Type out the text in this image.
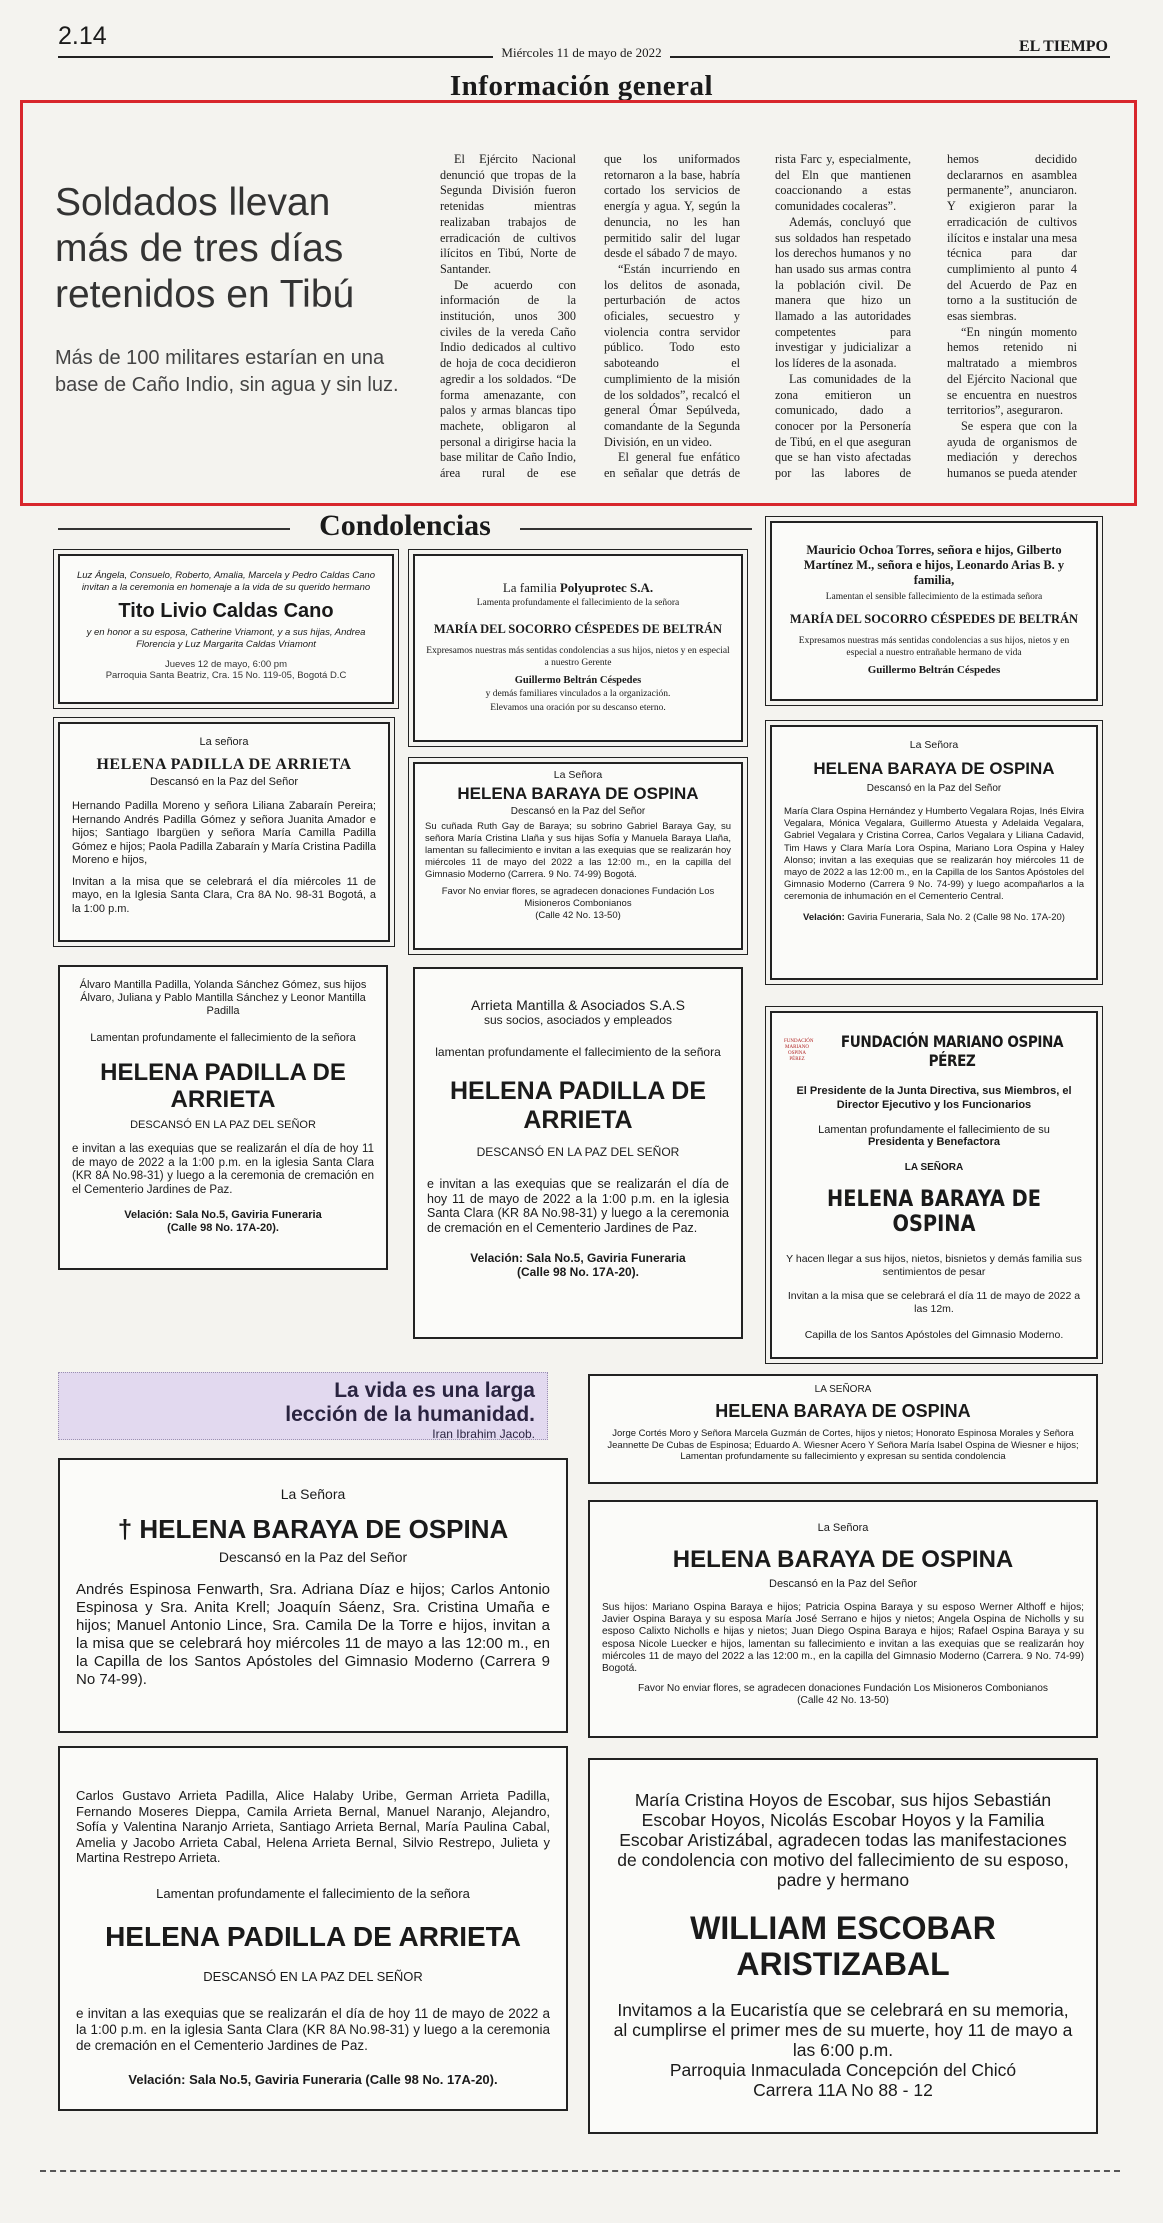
2.14
Miércoles 11 de mayo de 2022	EL TIEMPO
Información general
Soldados llevan más de tres días retenidos en Tibú
Más de 100 militares estarían en una base de Caño Indio, sin agua y sin luz.

El Ejército Nacional denunció que tropas de la Segunda División fueron retenidas mientras realizaban trabajos de erradicación de cultivos ilícitos en Tibú, Norte de Santander.

De acuerdo con información de la institución, unos 300 civiles de la vereda Caño Indio dedicados al cultivo de hoja de coca decidieron agredir a los soldados. “De forma amenazante, con palos y armas blancas tipo machete, obligaron al personal a dirigirse hacia la base militar de Caño Indio, área rural de ese

que los uniformados retornaron a la base, habría cortado los servicios de energía y agua. Y, según la denuncia, no les han permitido salir del lugar desde el sábado 7 de mayo.

“Están incurriendo en los delitos de asonada, perturbación de actos oficiales, secuestro y violencia contra servidor público. Todo esto saboteando el cumplimiento de la misión de los soldados”, recalcó el general Ómar Sepúlveda, comandante de la Segunda División, en un video.

El general fue enfático en señalar que detrás de

rista Farc y, especialmente, del Eln que mantienen coaccionando a estas comunidades cocaleras”.

Además, concluyó que sus soldados han respetado los derechos humanos y no han usado sus armas contra la población civil. De manera que hizo un llamado a las autoridades competentes para investigar y judicializar a los líderes de la asonada.

Las comunidades de la zona emitieron un comunicado, dado a conocer por la Personería de Tibú, en el que aseguran que se han visto afectadas por las labores de

hemos decidido declararnos en asamblea permanente”, anunciaron. Y exigieron parar la erradicación de cultivos ilícitos e instalar una mesa técnica para dar cumplimiento al punto 4 del Acuerdo de Paz en torno a la sustitución de esas siembras.

“En ningún momento hemos retenido ni maltratado a miembros del Ejército Nacional que se encuentra en nuestros territorios”, aseguraron.

Se espera que con la ayuda de organismos de mediación y derechos humanos se pueda atender

Condolencias
Luz Ángela, Consuelo, Roberto, Amalia, Marcela y Pedro Caldas Cano invitan a la ceremonia en homenaje a la vida de su querido hermano
Tito Livio Caldas Cano
y en honor a su esposa, Catherine Vriamont, y a sus hijas, Andrea Florencia y Luz Margarita Caldas Vriamont
Jueves 12 de mayo, 6:00 pm
Parroquia Santa Beatriz, Cra. 15 No. 119-05, Bogotá D.C
La familia Polyuprotec S.A.
Lamenta profundamente el fallecimiento de la señora
MARÍA DEL SOCORRO CÉSPEDES DE BELTRÁN
Expresamos nuestras más sentidas condolencias a sus hijos, nietos y en especial a nuestro Gerente
Guillermo Beltrán Céspedes
y demás familiares vinculados a la organización.
Elevamos una oración por su descanso eterno.
Mauricio Ochoa Torres, señora e hijos, Gilberto Martínez M., señora e hijos, Leonardo Arias B. y familia,
Lamentan el sensible fallecimiento de la estimada señora
MARÍA DEL SOCORRO CÉSPEDES DE BELTRÁN
Expresamos nuestras más sentidas condolencias a sus hijos, nietos y en especial a nuestro entrañable hermano de vida
Guillermo Beltrán Céspedes
La señora
HELENA PADILLA DE ARRIETA
Descansó en la Paz del Señor
Hernando Padilla Moreno y señora Liliana Zabaraín Pereira; Hernando Andrés Padilla Gómez y señora Juanita Amador e hijos; Santiago Ibargüen y señora María Camilla Padilla Gómez e hijos; Paola Padilla Zabaraín y María Cristina Padilla Moreno e hijos,
Invitan a la misa que se celebrará el día miércoles 11 de mayo, en la Iglesia Santa Clara, Cra 8A No. 98-31 Bogotá, a la 1:00 p.m.
La Señora
HELENA BARAYA DE OSPINA
Descansó en la Paz del Señor
Su cuñada Ruth Gay de Baraya; su sobrino Gabriel Baraya Gay, su señora María Cristina Llaña y sus hijas Sofía y Manuela Baraya Llaña, lamentan su fallecimiento e invitan a las exequias que se realizarán hoy miércoles 11 de mayo del 2022 a las 12:00 m., en la capilla del Gimnasio Moderno (Carrera. 9 No. 74-99) Bogotá.
Favor No enviar flores, se agradecen donaciones Fundación Los Misioneros Combonianos
(Calle 42 No. 13-50)
La Señora
HELENA BARAYA DE OSPINA
Descansó en la Paz del Señor
María Clara Ospina Hernández y Humberto Vegalara Rojas, Inés Elvira Vegalara, Mónica Vegalara, Guillermo Atuesta y Adelaida Vegalara, Gabriel Vegalara y Cristina Correa, Carlos Vegalara y Liliana Cadavid, Tim Haws y Clara María Lora Ospina, Mariano Lora Ospina y Haley Alonso; invitan a las exequias que se realizarán hoy miércoles 11 de mayo de 2022 a las 12:00 m., en la Capilla de los Santos Apóstoles del Gimnasio Moderno (Carrera 9 No. 74-99) y luego acompañarlos a la ceremonia de inhumación en el Cementerio Central.
Velación: Gaviria Funeraria, Sala No. 2 (Calle 98 No. 17A-20)
Álvaro Mantilla Padilla, Yolanda Sánchez Gómez, sus hijos Álvaro, Juliana y Pablo Mantilla Sánchez y Leonor Mantilla Padilla
Lamentan profundamente el fallecimiento de la señora
HELENA PADILLA DE ARRIETA
DESCANSÓ EN LA PAZ DEL SEÑOR
e invitan a las exequias que se realizarán el día de hoy 11 de mayo de 2022 a la 1:00 p.m. en la iglesia Santa Clara (KR 8A No.98-31) y luego a la ceremonia de cremación en el Cementerio Jardines de Paz.
Velación: Sala No.5, Gaviria Funeraria (Calle 98 No. 17A-20).
Arrieta Mantilla & Asociados S.A.S
sus socios, asociados y empleados
lamentan profundamente el fallecimiento de la señora
HELENA PADILLA DE ARRIETA
DESCANSÓ EN LA PAZ DEL SEÑOR
e invitan a las exequias que se realizarán el día de hoy 11 de mayo de 2022 a la 1:00 p.m. en la iglesia Santa Clara (KR 8A No.98-31) y luego a la ceremonia de cremación en el Cementerio Jardines de Paz.
Velación: Sala No.5, Gaviria Funeraria (Calle 98 No. 17A-20).
FUNDACIÓN MARIANO OSPINA PÉREZ
FUNDACIÓN MARIANO OSPINA PÉREZ
El Presidente de la Junta Directiva, sus Miembros, el Director Ejecutivo y los Funcionarios
Lamentan profundamente el fallecimiento de su
Presidenta y Benefactora
LA SEÑORA
HELENA BARAYA DE OSPINA
Y hacen llegar a sus hijos, nietos, bisnietos y demás familia sus sentimientos de pesar
Invitan a la misa que se celebrará el día 11 de mayo de 2022 a las 12m.
Capilla de los Santos Apóstoles del Gimnasio Moderno.
La vida es una larga
lección de la humanidad.
Iran Ibrahim Jacob.
LA SEÑORA
HELENA BARAYA DE OSPINA
Jorge Cortés Moro y Señora Marcela Guzmán de Cortes, hijos y nietos; Honorato Espinosa Morales y Señora Jeannette De Cubas de Espinosa; Eduardo A. Wiesner Acero Y Señora María Isabel Ospina de Wiesner e hijos; Lamentan profundamente su fallecimiento y expresan su sentida condolencia
La Señora
† HELENA BARAYA DE OSPINA
Descansó en la Paz del Señor
Andrés Espinosa Fenwarth, Sra. Adriana Díaz e hijos; Carlos Antonio Espinosa y Sra. Anita Krell; Joaquín Sáenz, Sra. Cristina Umaña e hijos; Manuel Antonio Lince, Sra. Camila De la Torre e hijos, invitan a la misa que se celebrará hoy miércoles 11 de mayo a las 12:00 m., en la Capilla de los Santos Apóstoles del Gimnasio Moderno (Carrera 9 No 74-99).
La Señora
HELENA BARAYA DE OSPINA
Descansó en la Paz del Señor
Sus hijos: Mariano Ospina Baraya e hijos; Patricia Ospina Baraya y su esposo Werner Althoff e hijos; Javier Ospina Baraya y su esposa María José Serrano e hijos y nietos; Angela Ospina de Nicholls y su esposo Calixto Nicholls e hijas y nietos; Juan Diego Ospina Baraya e hijos; Rafael Ospina Baraya y su esposa Nicole Luecker e hijos, lamentan su fallecimiento e invitan a las exequias que se realizarán hoy miércoles 11 de mayo del 2022 a las 12:00 m., en la capilla del Gimnasio Moderno (Carrera. 9 No. 74-99) Bogotá.
Favor No enviar flores, se agradecen donaciones Fundación Los Misioneros Combonianos
(Calle 42 No. 13-50)
Carlos Gustavo Arrieta Padilla, Alice Halaby Uribe, German Arrieta Padilla, Fernando Moseres Dieppa, Camila Arrieta Bernal, Manuel Naranjo, Alejandro, Sofía y Valentina Naranjo Arrieta, Santiago Arrieta Bernal, María Paulina Cabal, Amelia y Jacobo Arrieta Cabal, Helena Arrieta Bernal, Silvio Restrepo, Julieta y Martina Restrepo Arrieta.
Lamentan profundamente el fallecimiento de la señora
HELENA PADILLA DE ARRIETA
DESCANSÓ EN LA PAZ DEL SEÑOR
e invitan a las exequias que se realizarán el día de hoy 11 de mayo de 2022 a la 1:00 p.m. en la iglesia Santa Clara (KR 8A No.98-31) y luego a la ceremonia de cremación en el Cementerio Jardines de Paz.
Velación: Sala No.5, Gaviria Funeraria (Calle 98 No. 17A-20).
María Cristina Hoyos de Escobar, sus hijos Sebastián Escobar Hoyos, Nicolás Escobar Hoyos y la Familia Escobar Aristizábal, agradecen todas las manifestaciones de condolencia con motivo del fallecimiento de su esposo, padre y hermano
WILLIAM ESCOBAR ARISTIZABAL
Invitamos a la Eucaristía que se celebrará en su memoria, al cumplirse el primer mes de su muerte, hoy 11 de mayo a las 6:00 p.m.
Parroquia Inmaculada Concepción del Chicó
Carrera 11A No 88 - 12
